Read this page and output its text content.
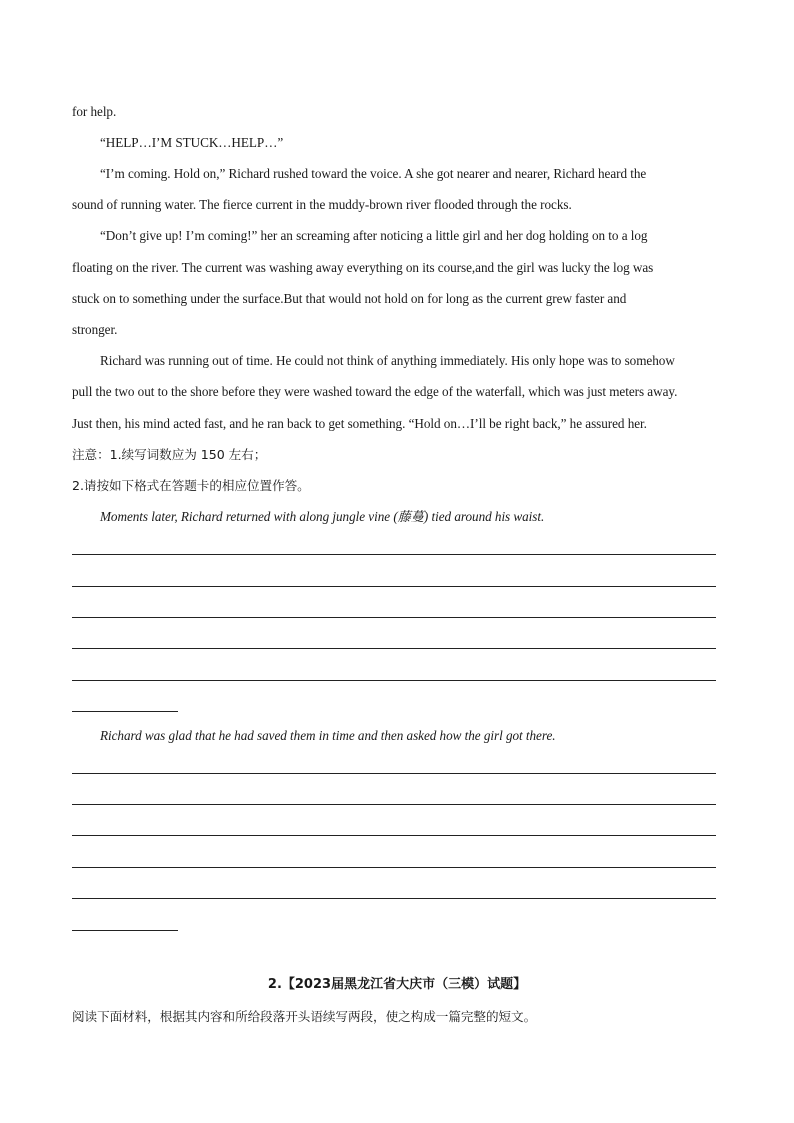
for help.
“HELP…I’M STUCK…HELP…”
“I’m coming. Hold on,” Richard rushed toward the voice. A she got nearer and nearer, Richard heard the
sound of running water. The fierce current in the muddy-brown river flooded through the rocks.
“Don’t give up! I’m coming!” her an screaming after noticing a little girl and her dog holding on to a log
floating on the river. The current was washing away everything on its course,and the girl was lucky the log was
stuck on to something under the surface.But that would not hold on for long as the current grew faster and
stronger.
Richard was running out of time. He could not think of anything immediately. His only hope was to somehow
pull the two out to the shore before they were washed toward the edge of the waterfall, which was just meters away.
Just then, his mind acted fast, and he ran back to get something. “Hold on…I’ll be right back,” he assured her.
注意：1.续写词数应为 150 左右；
2.请按如下格式在答题卡的相应位置作答。
Moments later, Richard returned with along jungle vine (藤蔓) tied around his waist.
Richard was glad that he had saved them in time and then asked how the girl got there.
2.【2023届黑龙江省大庆市（三模）试题】
阅读下面材料，根据其内容和所给段落开头语续写两段，使之构成一篇完整的短文。
